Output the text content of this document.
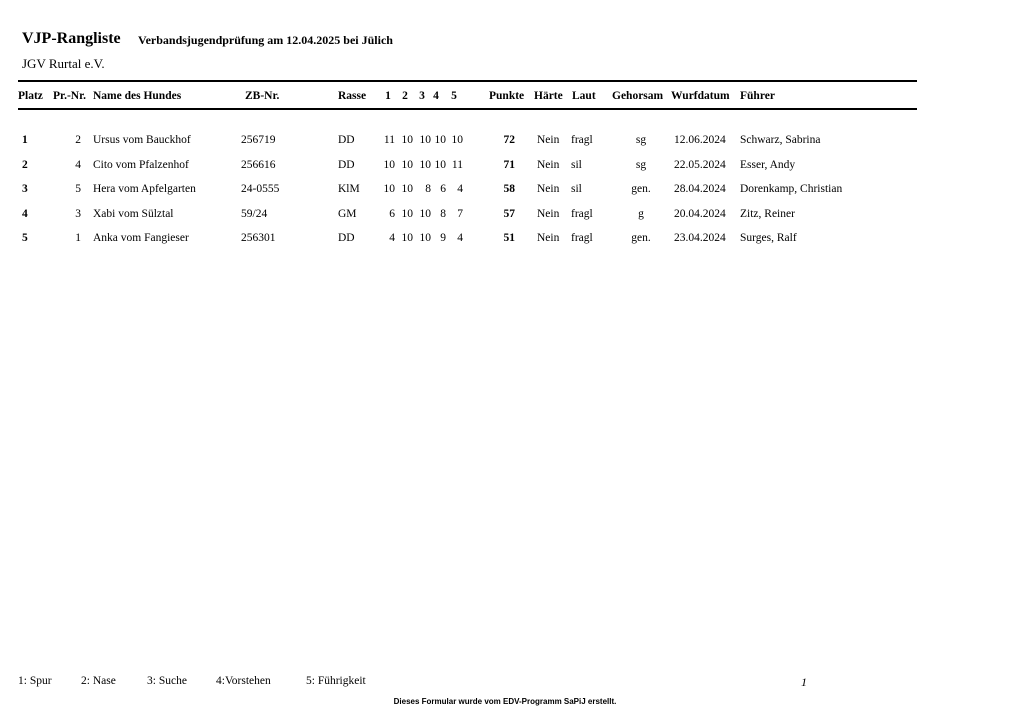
VJP-Rangliste Verbandsjugendprüfung am 12.04.2025 bei Jülich
JGV Rurtal e.V.
Platz Pr.-Nr. Name des Hundes	ZB-Nr.	Rasse 1 2 3 4 5	Punkte Härte Laut Gehorsam Wurfdatum Führer
1	2 Ursus vom Bauckhof	256719	DD	11 10 10 10 10	72 Nein fragl	sg	12.06.2024 Schwarz, Sabrina
2	4 Cito vom Pfalzenhof	256616	DD	10 10 10 10 11	71 Nein sil	sg	22.05.2024 Esser, Andy
3	5 Hera vom Apfelgarten	24-0555	KlM	10 10	8 6 4	58 Nein sil	gen.	28.04.2024 Dorenkamp, Christian
4	3 Xabi vom Sülztal	59/24	GM	6 10 10 8 7	57 Nein fragl	g	20.04.2024 Zitz, Reiner
5	1 Anka vom Fangieser	256301	DD	4 10 10 9 4	51 Nein fragl	gen.	23.04.2024 Surges, Ralf
1: Spur	2: Nase	3: Suche	4:Vorstehen	5: Führigkeit	1
Dieses Formular wurde vom EDV-Programm SaPiJ erstellt.
